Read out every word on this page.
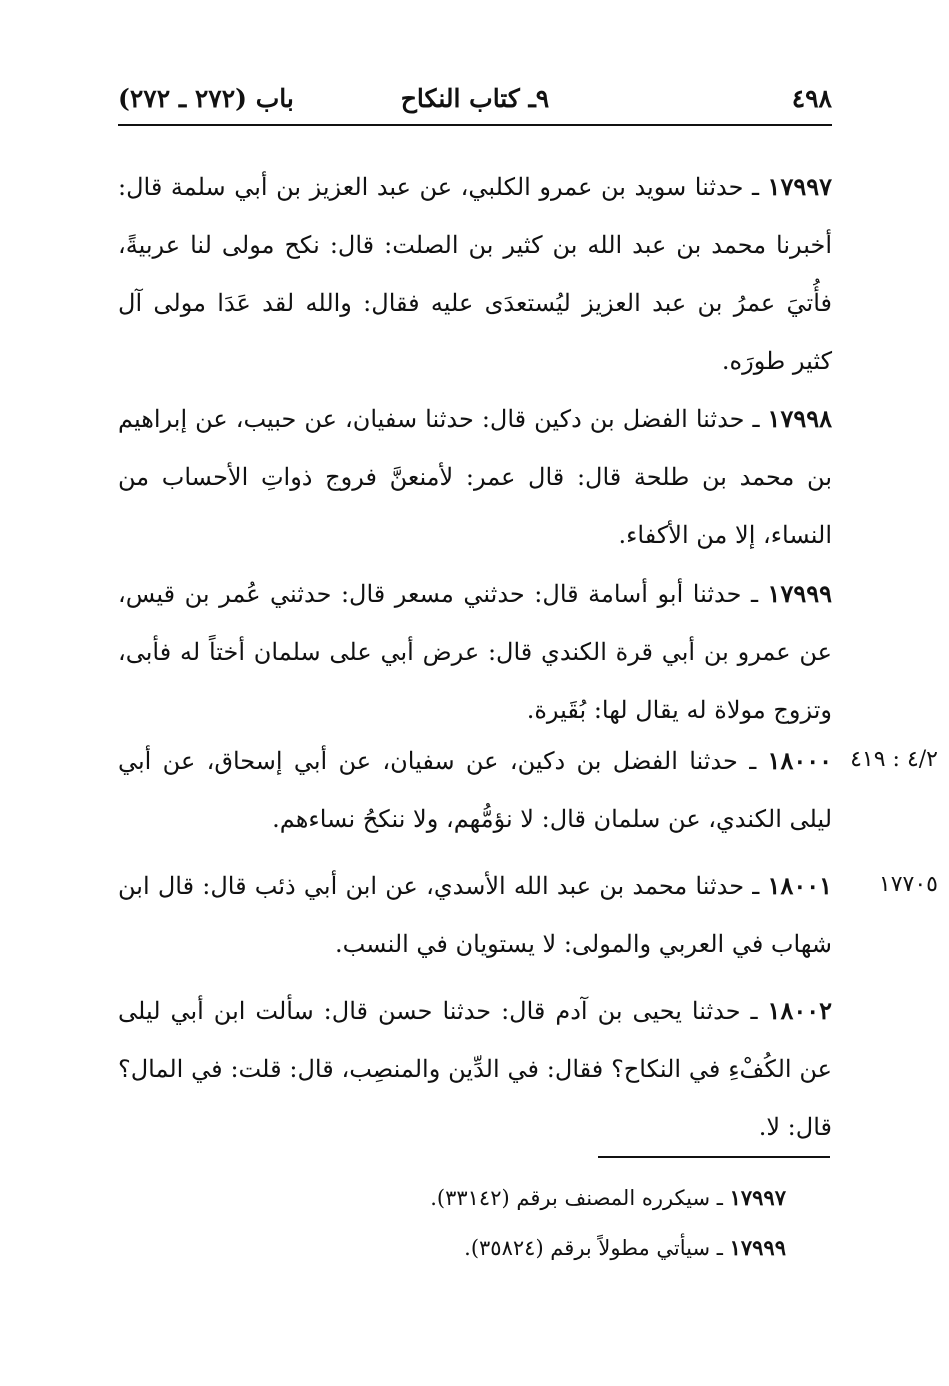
٤٩٨
٩ـ كتاب النكاح
باب (٢٧٢ ـ ٢٧٢)
١٧٩٩٧ ـ حدثنا سويد بن عمرو الكلبي، عن عبد العزيز بن أبي سلمة قال: أخبرنا محمد بن عبد الله بن كثير بن الصلت: قال: نكح مولى لنا عربيةً، فأُتيَ عمرُ بن عبد العزيز ليُستعدَى عليه فقال: والله لقد عَدَا مولى آل كثير طورَه.
١٧٩٩٨ ـ حدثنا الفضل بن دكين قال: حدثنا سفيان، عن حبيب، عن إبراهيم بن محمد بن طلحة قال: قال عمر: لأمنعنَّ فروج ذواتِ الأحساب من النساء، إلا من الأكفاء.
١٧٩٩٩ ـ حدثنا أبو أسامة قال: حدثني مسعر قال: حدثني عُمر بن قيس، عن عمرو بن أبي قرة الكندي قال: عرض أبي على سلمان أختاً له فأبى، وتزوج مولاة له يقال لها: بُقَيرة.
٤/٢ : ٤١٩
١٨٠٠٠ ـ حدثنا الفضل بن دكين، عن سفيان، عن أبي إسحاق، عن أبي ليلى الكندي، عن سلمان قال: لا نؤمُّهم، ولا ننكحُ نساءهم.
١٧٧٠٥
١٨٠٠١ ـ حدثنا محمد بن عبد الله الأسدي، عن ابن أبي ذئب قال: قال ابن شهاب في العربي والمولى: لا يستويان في النسب.
١٨٠٠٢ ـ حدثنا يحيى بن آدم قال: حدثنا حسن قال: سألت ابن أبي ليلى عن الكُفْءِ في النكاح؟ فقال: في الدِّين والمنصِب، قال: قلت: في المال؟ قال: لا.
١٧٩٩٧ ـ سيكرره المصنف برقم (٣٣١٤٢).
١٧٩٩٩ ـ سيأتي مطولاً برقم (٣٥٨٢٤).
